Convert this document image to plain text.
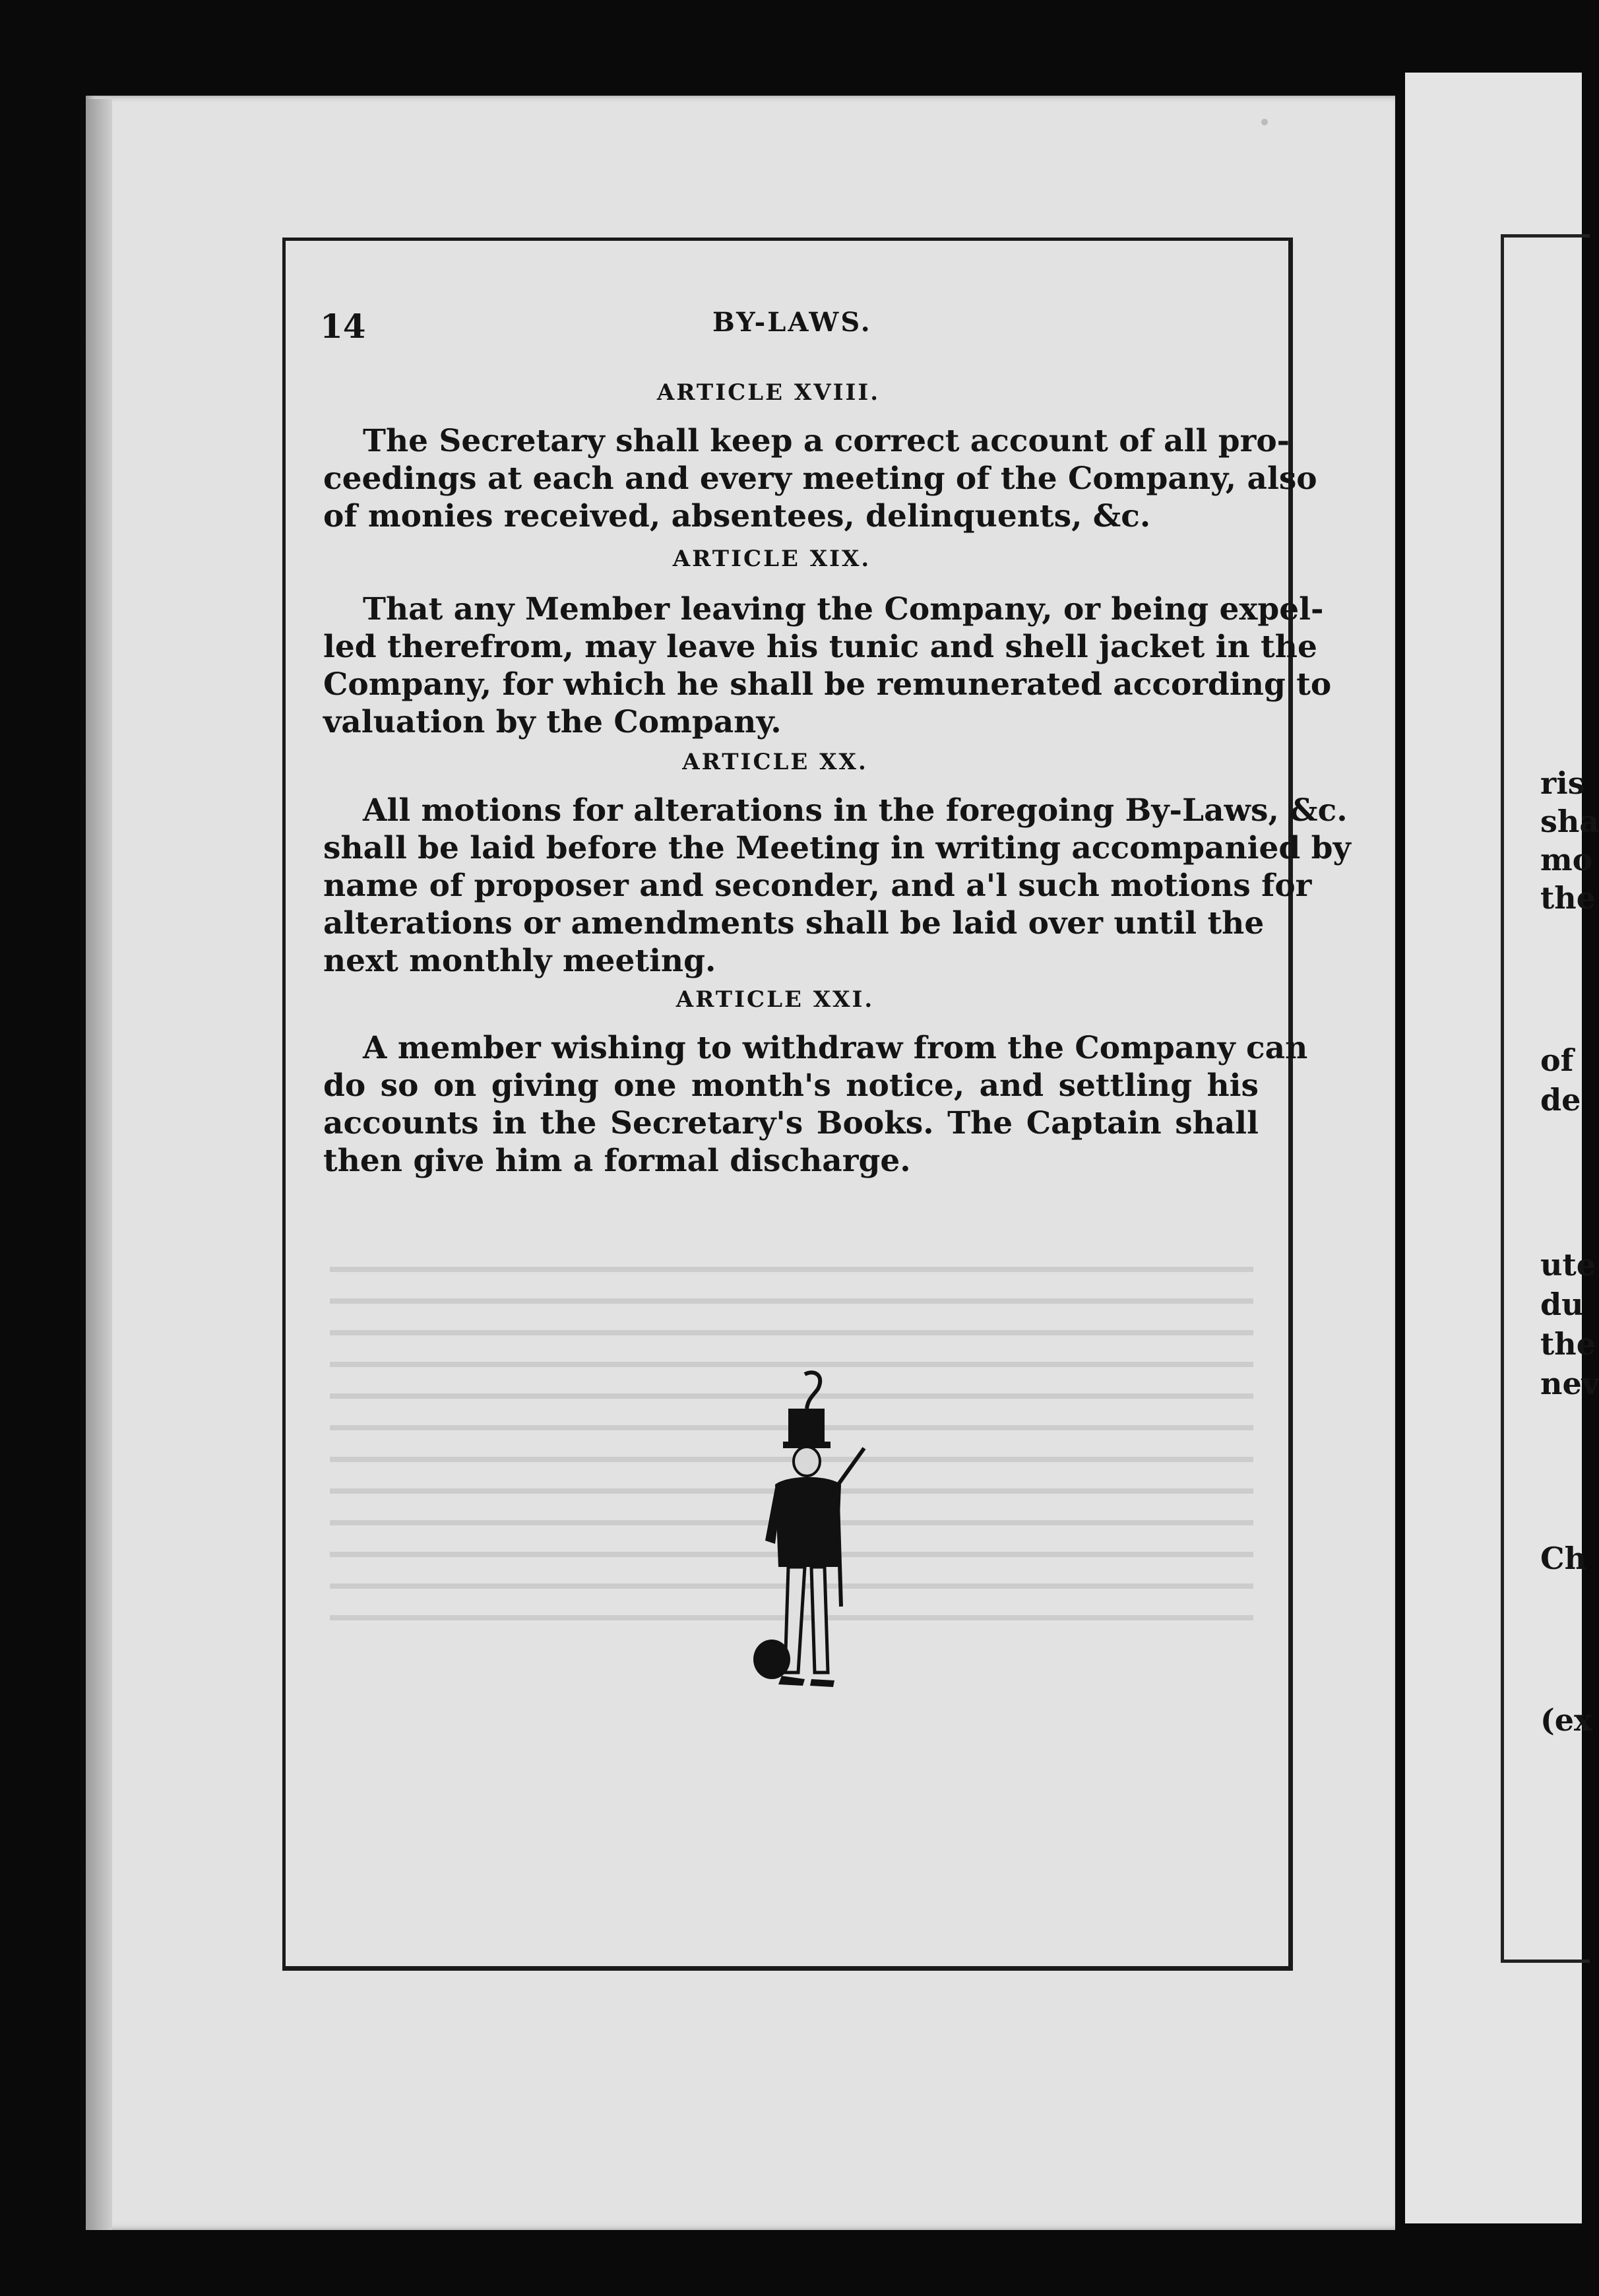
ris
sha
mo
the
of
de
ute
du
the
nev
Ch
(ex
14	BY-LAWS.
ARTICLE XVIII.
The Secretary shall keep a correct account of all pro-
ceedings at each and every meeting of the Company, also
of monies received, absentees, delinquents, &c.
ARTICLE XIX.
That any Member leaving the Company, or being expel-
led therefrom, may leave his tunic and shell jacket in the
Company, for which he shall be remunerated according to
valuation by the Company.
ARTICLE XX.
All motions for alterations in the foregoing By-Laws, &c.
shall be laid before the Meeting in writing accompanied by
name of proposer and seconder, and a'l such motions for
alterations or amendments shall be laid over until the
next monthly meeting.
ARTICLE XXI.
A member wishing to withdraw from the Company can
do so on giving one month's notice, and settling his
accounts in the Secretary's Books. The Captain shall
then give him a formal discharge.
